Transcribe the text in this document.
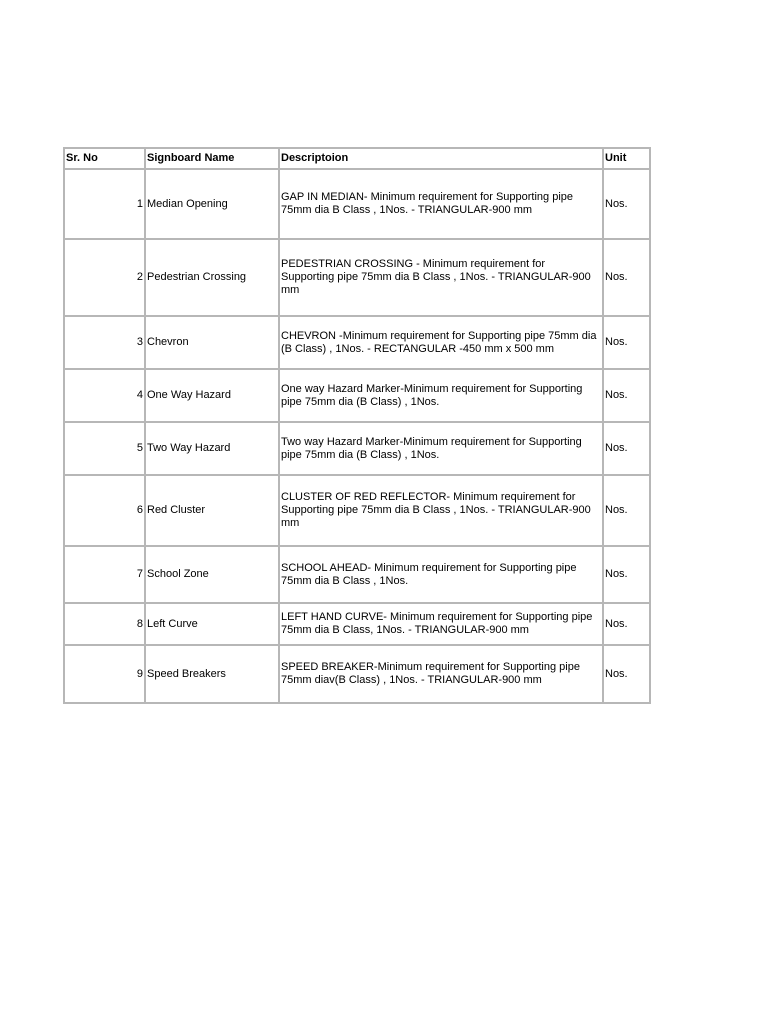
Sr. No	Signboard Name	Descriptoion	Unit
1	Median Opening	GAP IN MEDIAN- Minimum requirement for Supporting pipe 75mm dia B Class , 1Nos. - TRIANGULAR-900 mm	Nos.
2	Pedestrian Crossing	PEDESTRIAN CROSSING - Minimum requirement for Supporting pipe 75mm dia B Class , 1Nos. - TRIANGULAR-900 mm	Nos.
3	Chevron	CHEVRON -Minimum requirement for Supporting pipe 75mm dia (B Class) , 1Nos. - RECTANGULAR -450 mm x 500 mm	Nos.
4	One Way Hazard	One way Hazard Marker-Minimum requirement for Supporting pipe 75mm dia (B Class) , 1Nos.	Nos.
5	Two Way Hazard	Two way Hazard Marker-Minimum requirement for Supporting pipe 75mm dia (B Class) , 1Nos.	Nos.
6	Red Cluster	CLUSTER OF RED REFLECTOR- Minimum requirement for Supporting pipe 75mm dia B Class , 1Nos. - TRIANGULAR-900 mm	Nos.
7	School Zone	SCHOOL AHEAD- Minimum requirement for Supporting pipe 75mm dia B Class , 1Nos.	Nos.
8	Left Curve	LEFT HAND CURVE- Minimum requirement for Supporting pipe 75mm dia B Class, 1Nos. - TRIANGULAR-900 mm	Nos.
9	Speed Breakers	SPEED BREAKER-Minimum requirement for Supporting pipe 75mm diav(B Class) , 1Nos. - TRIANGULAR-900 mm	Nos.
